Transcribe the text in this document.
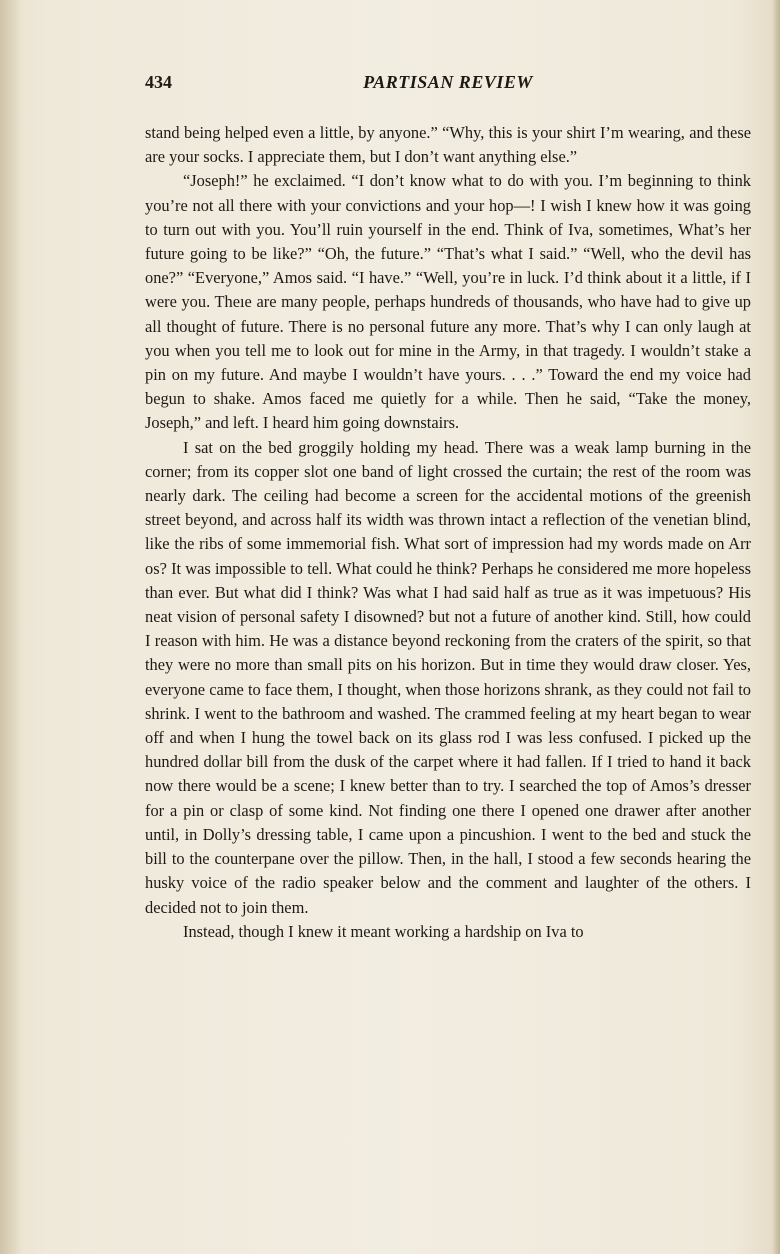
434	PARTISAN REVIEW

stand being helped even a little, by anyone.” “Why, this is your shirt I’m wearing, and these are your socks. I appreciate them, but I don’t want anything else.”

“Joseph!” he exclaimed. “I don’t know what to do with you. I’m beginning to think you’re not all there with your convictions and your hop—! I wish I knew how it was going to turn out with you. You’ll ruin yourself in the end. Think of Iva, sometimes, What’s her future going to be like?” “Oh, the future.” “That’s what I said.” “Well, who the devil has one?” “Everyone,” Amos said. “I have.” “Well, you’re in luck. I’d think about it a little, if I were you. Theıe are many people, perhaps hundreds of thousands, who have had to give up all thought of future. There is no personal future any more. That’s why I can only laugh at you when you tell me to look out for mine in the Army, in that tragedy. I wouldn’t stake a pin on my future. And maybe I wouldn’t have yours. . . .” Toward the end my voice had begun to shake. Amos faced me quietly for a while. Then he said, “Take the money, Joseph,” and left. I heard him going downstairs.

I sat on the bed groggily holding my head. There was a weak lamp burning in the corner; from its copper slot one band of light crossed the curtain; the rest of the room was nearly dark. The ceiling had become a screen for the accidental motions of the greenish street beyond, and across half its width was thrown intact a reflection of the venetian blind, like the ribs of some immemorial fish. What sort of impression had my words made on Arr os? It was impossible to tell. What could he think? Perhaps he considered me more hopeless than ever. But what did I think? Was what I had said half as true as it was impetuous? His neat vision of personal safety I disowned? but not a future of another kind. Still, how could I reason with him. He was a distance beyond reckoning from the craters of the spirit, so that they were no more than small pits on his horizon. But in time they would draw closer. Yes, everyone came to face them, I thought, when those horizons shrank, as they could not fail to shrink. I went to the bathroom and washed. The crammed feeling at my heart began to wear off and when I hung the towel back on its glass rod I was less confused. I picked up the hundred dollar bill from the dusk of the carpet where it had fallen. If I tried to hand it back now there would be a scene; I knew better than to try. I searched the top of Amos’s dresser for a pin or clasp of some kind. Not finding one there I opened one drawer after another until, in Dolly’s dressing table, I came upon a pincushion. I went to the bed and stuck the bill to the counterpane over the pillow. Then, in the hall, I stood a few seconds hearing the husky voice of the radio speaker below and the comment and laughter of the others. I decided not to join them.

Instead, though I knew it meant working a hardship on Iva to
